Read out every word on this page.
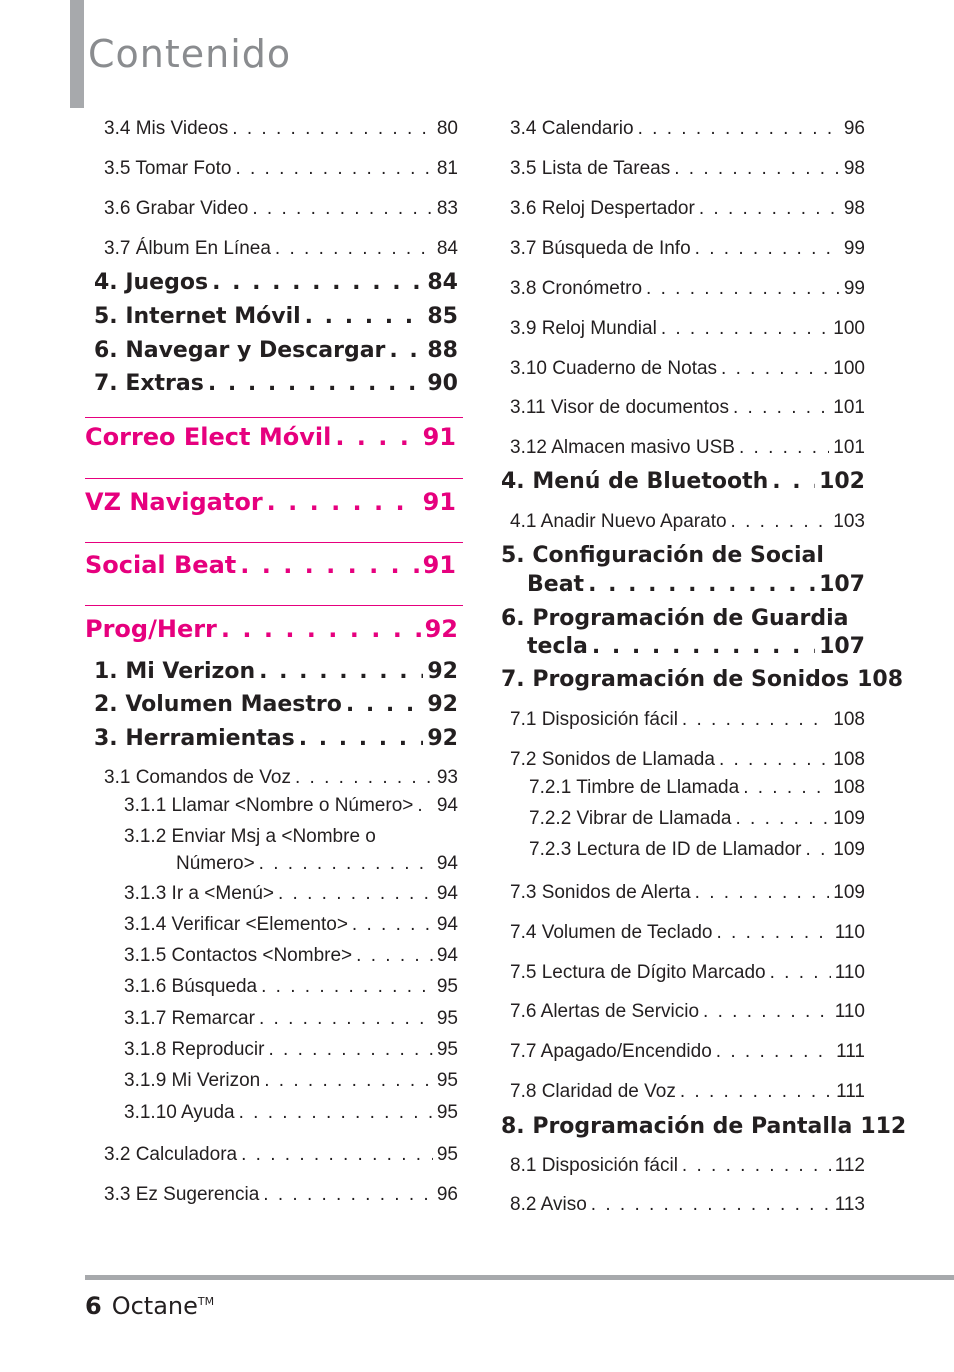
Contenido
3.4 Mis Videos . . .	80
3.5 Tomar Foto . . .	81
3.6 Grabar Video . . .	83
3.7 Álbum En Línea . . .	84
4. Juegos . . .	84
5. Internet Móvil . . .	85
6. Navegar y Descargar . . . 88
7. Extras . . .	90
Correo Elect Móvil . . .	91
VZ Navigator . . .	91
Social Beat . . .	91
Prog/Herr . . .	92
1. Mi Verizon . . .	92
2. Volumen Maestro . . .	92
3. Herramientas . . .	92
3.1 Comandos de Voz . . .	93
3.1.1 Llamar <Nombre o Número> . . . 94
3.1.2 Enviar Msj a <Nombre o
Número> . . .	94
3.1.3 Ir a <Menú> . . .	94
3.1.4 Verificar <Elemento> . . .	94
3.1.5 Contactos <Nombre> . . .	94
3.1.6 Búsqueda . . .	95
3.1.7 Remarcar . . .	95
3.1.8 Reproducir . . .	95
3.1.9 Mi Verizon . . .	95
3.1.10 Ayuda . . .	95
3.2 Calculadora . . .	95
3.3 Ez Sugerencia . . .	96
3.4 Calendario . . .	96
3.5 Lista de Tareas . . .	98
3.6 Reloj Despertador . . .	98
3.7 Búsqueda de Info . . .	99
3.8 Cronómetro . . .	99
3.9 Reloj Mundial . . .	100
3.10 Cuaderno de Notas . . .	100
3.11 Visor de documentos . . .	101
3.12 Almacen masivo USB . . .	101
4. Menú de Bluetooth . . . 102
4.1 Anadir Nuevo Aparato . . .	103
5. Configuración de Social
Beat . . .	107
6. Programación de Guardia
tecla . . .	107
7. Programación de Sonidos 108
7.1 Disposición fácil . . .	108
7.2 Sonidos de Llamada . . .	108
7.2.1 Timbre de Llamada . . .	108
7.2.2 Vibrar de Llamada . . .	109
7.2.3 Lectura de ID de Llamador . . . 109
7.3 Sonidos de Alerta . . .	109
7.4 Volumen de Teclado . . .	110
7.5 Lectura de Dígito Marcado . . .	110
7.6 Alertas de Servicio . . .	110
7.7 Apagado/Encendido . . .	111
7.8 Claridad de Voz . . .	111
8. Programación de Pantalla 112
8.1 Disposición fácil . . .	112
8.2 Aviso . . .	113
6 Octane™
